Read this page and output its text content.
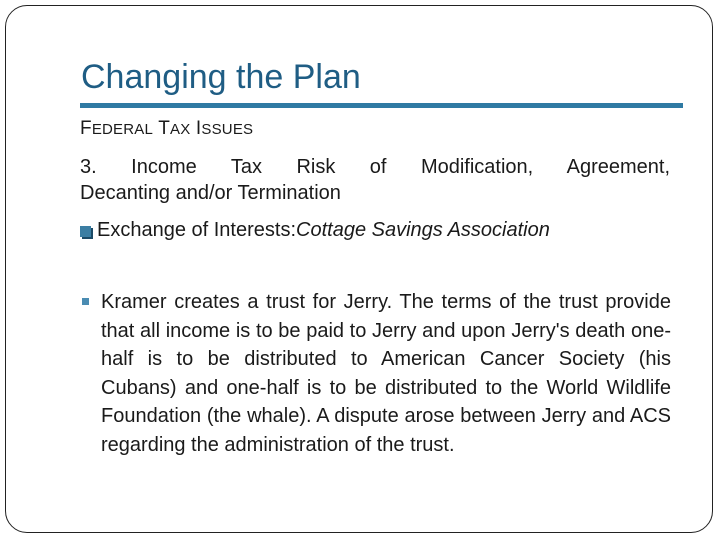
Changing the Plan
FEDERAL TAX ISSUES
3. Income Tax Risk of Modification, Agreement,
Decanting and/or Termination
Exchange of Interests: Cottage Savings Association
Kramer creates a trust for Jerry. The terms of the trust provide that all income is to be paid to Jerry and upon Jerry's death one-half is to be distributed to American Cancer Society (his Cubans) and one-half is to be distributed to the World Wildlife Foundation (the whale). A dispute arose between Jerry and ACS regarding the administration of the trust.
